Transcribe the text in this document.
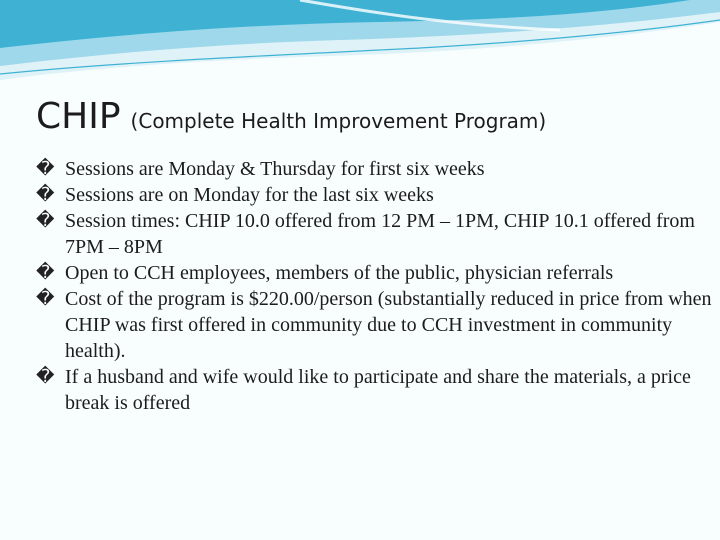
CHIP (Complete Health Improvement Program)
� Sessions are Monday & Thursday for first six weeks
� Sessions are on Monday for the last six weeks
� Session times: CHIP 10.0 offered from 12 PM – 1PM, CHIP 10.1 offered from 7PM – 8PM
� Open to CCH employees, members of the public, physician referrals
� Cost of the program is $220.00/person (substantially reduced in price from when CHIP was first offered in community due to CCH investment in community health).
� If a husband and wife would like to participate and share the materials, a price break is offered
